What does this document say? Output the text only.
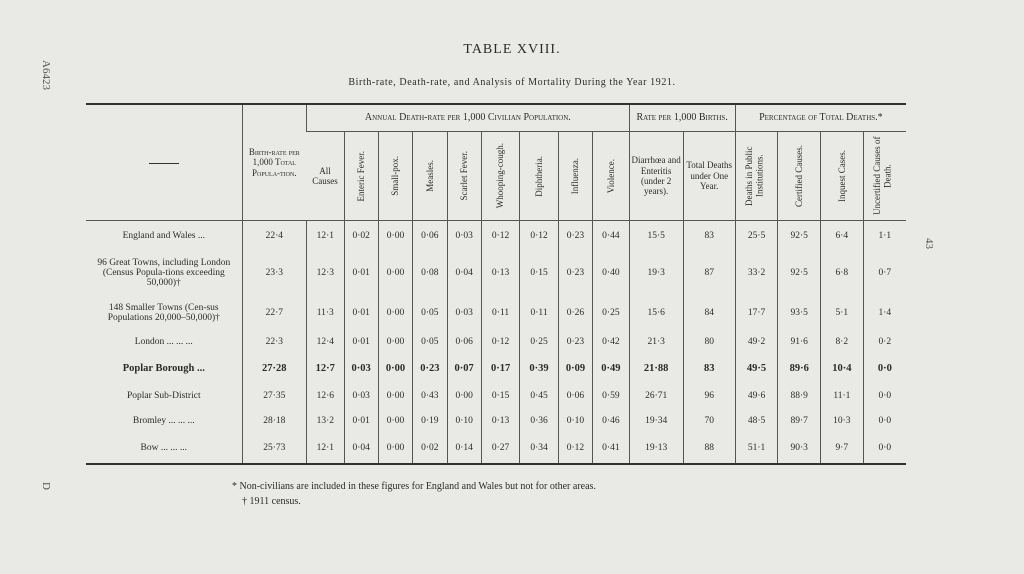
A6423
43
D
TABLE XVIII.
Birth-rate, Death-rate, and Analysis of Mortality During the Year 1921.
	Birth-rate per 1,000 Total Popula-tion.	Annual Death-rate per 1,000 Civilian Population.									Rate per 1,000 Births.		Percentage of Total Deaths.*			
		All Causes	Enteric Fever.	Small-pox.	Measles.	Scarlet Fever.	Whooping-cough.	Diphtheria.	Influenza.	Violence.	Diarrhœa and Enteritis (under 2 years).	Total Deaths under One Year.	Deaths in Public Institutions.	Certified Causes.	Inquest Cases.	Uncertified Causes of Death.

England and Wales ...	22·4	12·1	0·02	0·00	0·06	0·03	0·12	0·12	0·23	0·44	15·5	83	25·5	92·5	6·4	1·1
96 Great Towns, including London (Census Popula-tions exceeding 50,000)†	23·3	12·3	0·01	0·00	0·08	0·04	0·13	0·15	0·23	0·40	19·3	87	33·2	92·5	6·8	0·7
148 Smaller Towns (Cen-sus Populations 20,000–50,000)†	22·7	11·3	0·01	0·00	0·05	0·03	0·11	0·11	0·26	0·25	15·6	84	17·7	93·5	5·1	1·4
London ... ... ...	22·3	12·4	0·01	0·00	0·05	0·06	0·12	0·25	0·23	0·42	21·3	80	49·2	91·6	8·2	0·2
Poplar Borough ...	27·28	12·7	0·03	0·00	0·23	0·07	0·17	0·39	0·09	0·49	21·88	83	49·5	89·6	10·4	0·0
Poplar Sub-District	27·35	12·6	0·03	0·00	0·43	0·00	0·15	0·45	0·06	0·59	26·71	96	49·6	88·9	11·1	0·0
Bromley ... ... ...	28·18	13·2	0·01	0·00	0·19	0·10	0·13	0·36	0·10	0·46	19·34	70	48·5	89·7	10·3	0·0
Bow ... ... ...	25·73	12·1	0·04	0·00	0·02	0·14	0·27	0·34	0·12	0·41	19·13	88	51·1	90·3	9·7	0·0
* Non-civilians are included in these figures for England and Wales but not for other areas.
† 1911 census.
